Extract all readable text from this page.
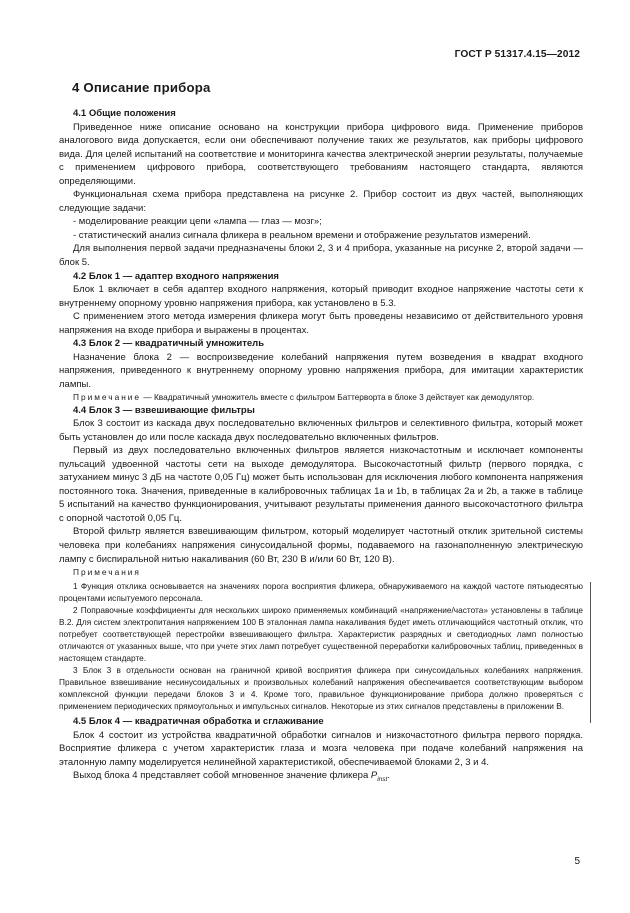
ГОСТ Р 51317.4.15—2012
4 Описание прибора

4.1 Общие положения

Приведенное ниже описание основано на конструкции прибора цифрового вида. Применение приборов аналогового вида допускается, если они обеспечивают получение таких же результатов, как приборы цифрового вида. Для целей испытаний на соответствие и мониторинга качества электрической энергии результаты, получаемые с применением цифрового прибора, соответствующего требованиям настоящего стандарта, являются определяющими.

Функциональная схема прибора представлена на рисунке 2. Прибор состоит из двух частей, выполняющих следующие задачи:

- моделирование реакции цепи «лампа — глаз — мозг»;

- статистический анализ сигнала фликера в реальном времени и отображение результатов измерений.

Для выполнения первой задачи предназначены блоки 2, 3 и 4 прибора, указанные на рисунке 2, второй задачи — блок 5.

4.2 Блок 1 — адаптер входного напряжения

Блок 1 включает в себя адаптер входного напряжения, который приводит входное напряжение частоты сети к внутреннему опорному уровню напряжения прибора, как установлено в 5.3.

С применением этого метода измерения фликера могут быть проведены независимо от действительного уровня напряжения на входе прибора и выражены в процентах.

4.3 Блок 2 — квадратичный умножитель

Назначение блока 2 — воспроизведение колебаний напряжения путем возведения в квадрат входного напряжения, приведенного к внутреннему опорному уровню напряжения прибора, для имитации характеристик лампы.

Примечание — Квадратичный умножитель вместе с фильтром Баттерворта в блоке 3 действует как демодулятор.

4.4 Блок 3 — взвешивающие фильтры

Блок 3 состоит из каскада двух последовательно включенных фильтров и селективного фильтра, который может быть установлен до или после каскада двух последовательно включенных фильтров.

Первый из двух последовательно включенных фильтров является низкочастотным и исключает компоненты пульсаций удвоенной частоты сети на выходе демодулятора. Высокочастотный фильтр (первого порядка, с затуханием минус 3 дБ на частоте 0,05 Гц) может быть использован для исключения любого компонента напряжения постоянного тока. Значения, приведенные в калибровочных таблицах 1а и 1b, в таблицах 2а и 2b, а также в таблице 5 испытаний на качество функционирования, учитывают результаты применения данного высокочастотного фильтра с опорной частотой 0,05 Гц.

Второй фильтр является взвешивающим фильтром, который моделирует частотный отклик зрительной системы человека при колебаниях напряжения синусоидальной формы, подаваемого на газонаполненную электрическую лампу с биспиральной нитью накаливания (60 Вт, 230 В и/или 60 Вт, 120 В).

Примечания

1 Функция отклика основывается на значениях порога восприятия фликера, обнаруживаемого на каждой частоте пятьюдесятью процентами испытуемого персонала.

2 Поправочные коэффициенты для нескольких широко применяемых комбинаций «напряжение/частота» установлены в таблице В.2. Для систем электропитания напряжением 100 В эталонная лампа накаливания будет иметь отличающийся частотный отклик, что потребует соответствующей перестройки взвешивающего фильтра. Характеристик разрядных и светодиодных ламп полностью отличаются от указанных выше, что при учете этих ламп потребует существенной переработки калибровочных таблиц, приведенных в настоящем стандарте.

3 Блок 3 в отдельности основан на граничной кривой восприятия фликера при синусоидальных колебаниях напряжения. Правильное взвешивание несинусоидальных и произвольных колебаний напряжения обеспечивается соответствующим выбором комплексной функции передачи блоков 3 и 4. Кроме того, правильное функционирование прибора должно проверяться с применением периодических прямоугольных и импульсных сигналов. Некоторые из этих сигналов представлены в приложении В.

4.5 Блок 4 — квадратичная обработка и сглаживание

Блок 4 состоит из устройства квадратичной обработки сигналов и низкочастотного фильтра первого порядка. Восприятие фликера с учетом характеристик глаза и мозга человека при подаче колебаний напряжения на эталонную лампу моделируется нелинейной характеристикой, обеспечиваемой блоками 2, 3 и 4.

Выход блока 4 представляет собой мгновенное значение фликера $P_{inst}$.

5
